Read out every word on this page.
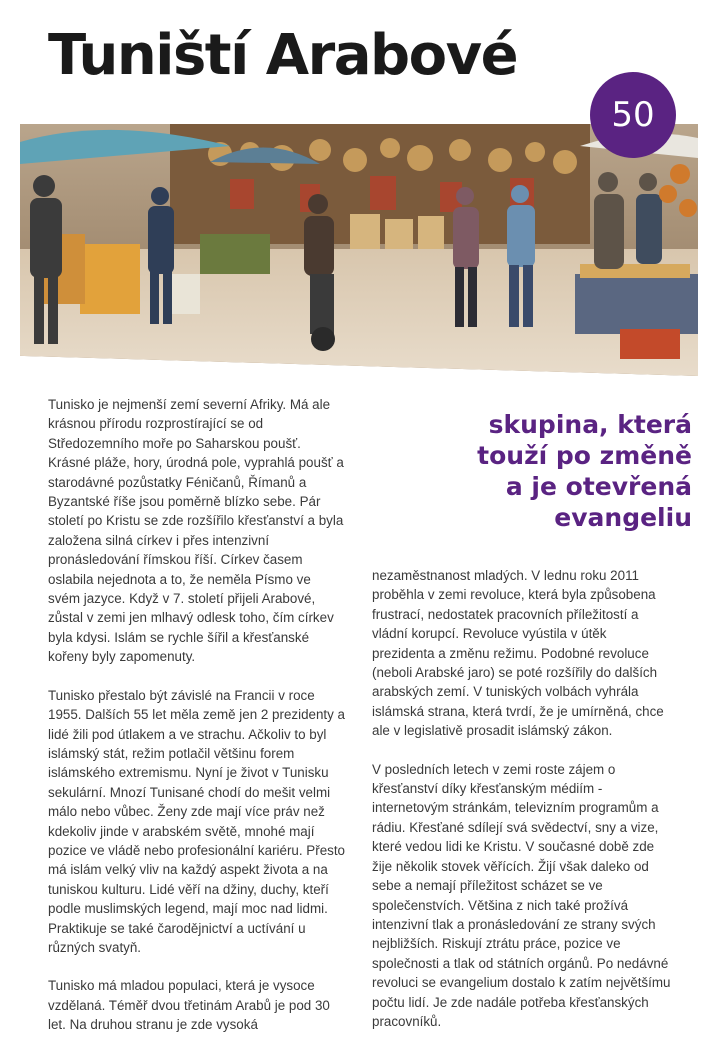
Tuniští Arabové
50

Tunisko je nejmenší zemí severní Afriky. Má ale krásnou přírodu rozprostírající se od Středozemního moře po Saharskou poušť. Krásné pláže, hory, úrodná pole, vyprahlá poušť a starodávné pozůstatky Féničanů, Římanů a Byzantské říše jsou poměrně blízko sebe. Pár století po Kristu se zde rozšířilo křesťanství a byla založena silná církev i přes intenzivní pronásledování římskou říší. Církev časem oslabila nejednota a to, že neměla Písmo ve svém jazyce. Když v 7. století přijeli Arabové, zůstal v zemi jen mlhavý odlesk toho, čím církev byla kdysi. Islám se rychle šířil a křesťanské kořeny byly zapomenuty.

Tunisko přestalo být závislé na Francii v roce 1955. Dalších 55 let měla země jen 2 prezidenty a lidé žili pod útlakem a ve strachu. Ačkoliv to byl islámský stát, režim potlačil většinu forem islámského extremismu. Nyní je život v Tunisku sekulární. Mnozí Tunisané chodí do mešit velmi málo nebo vůbec. Ženy zde mají více práv než kdekoliv jinde v arabském světě, mnohé mají pozice ve vládě nebo profesionální kariéru. Přesto má islám velký vliv na každý aspekt života a na tuniskou kulturu. Lidé věří na džiny, duchy, kteří podle muslimských legend, mají moc nad lidmi. Praktikuje se také čarodějnictví a uctívání u různých svatyň.

Tunisko má mladou populaci, která je vysoce vzdělaná. Téměř dvou třetinám Arabů je pod 30 let. Na druhou stranu je zde vysoká

skupina, která
touží po změně
a je otevřená
evangeliu

nezaměstnanost mladých. V lednu roku 2011 proběhla v zemi revoluce, která byla způsobena frustrací, nedostatek pracovních příležitostí a vládní korupcí. Revoluce vyústila v útěk prezidenta a změnu režimu. Podobné revoluce (neboli Arabské jaro) se poté rozšířily do dalších arabských zemí. V tuniských volbách vyhrála islámská strana, která tvrdí, že je umírněná, chce ale v legislativě prosadit islámský zákon.

V posledních letech v zemi roste zájem o křesťanství díky křesťanským médiím - internetovým stránkám, televizním programům a rádiu. Křesťané sdílejí svá svědectví, sny a vize, které vedou lidi ke Kristu. V současné době zde žije několik stovek věřících. Žijí však daleko od sebe a nemají příležitost scházet se ve společenstvích. Většina z nich také prožívá intenzivní tlak a pronásledování ze strany svých nejbližších. Riskují ztrátu práce, pozice ve společnosti a tlak od státních orgánů. Po nedávné revoluci se evangelium dostalo k zatím největšímu počtu lidí. Je zde nadále potřeba křesťanských pracovníků.
